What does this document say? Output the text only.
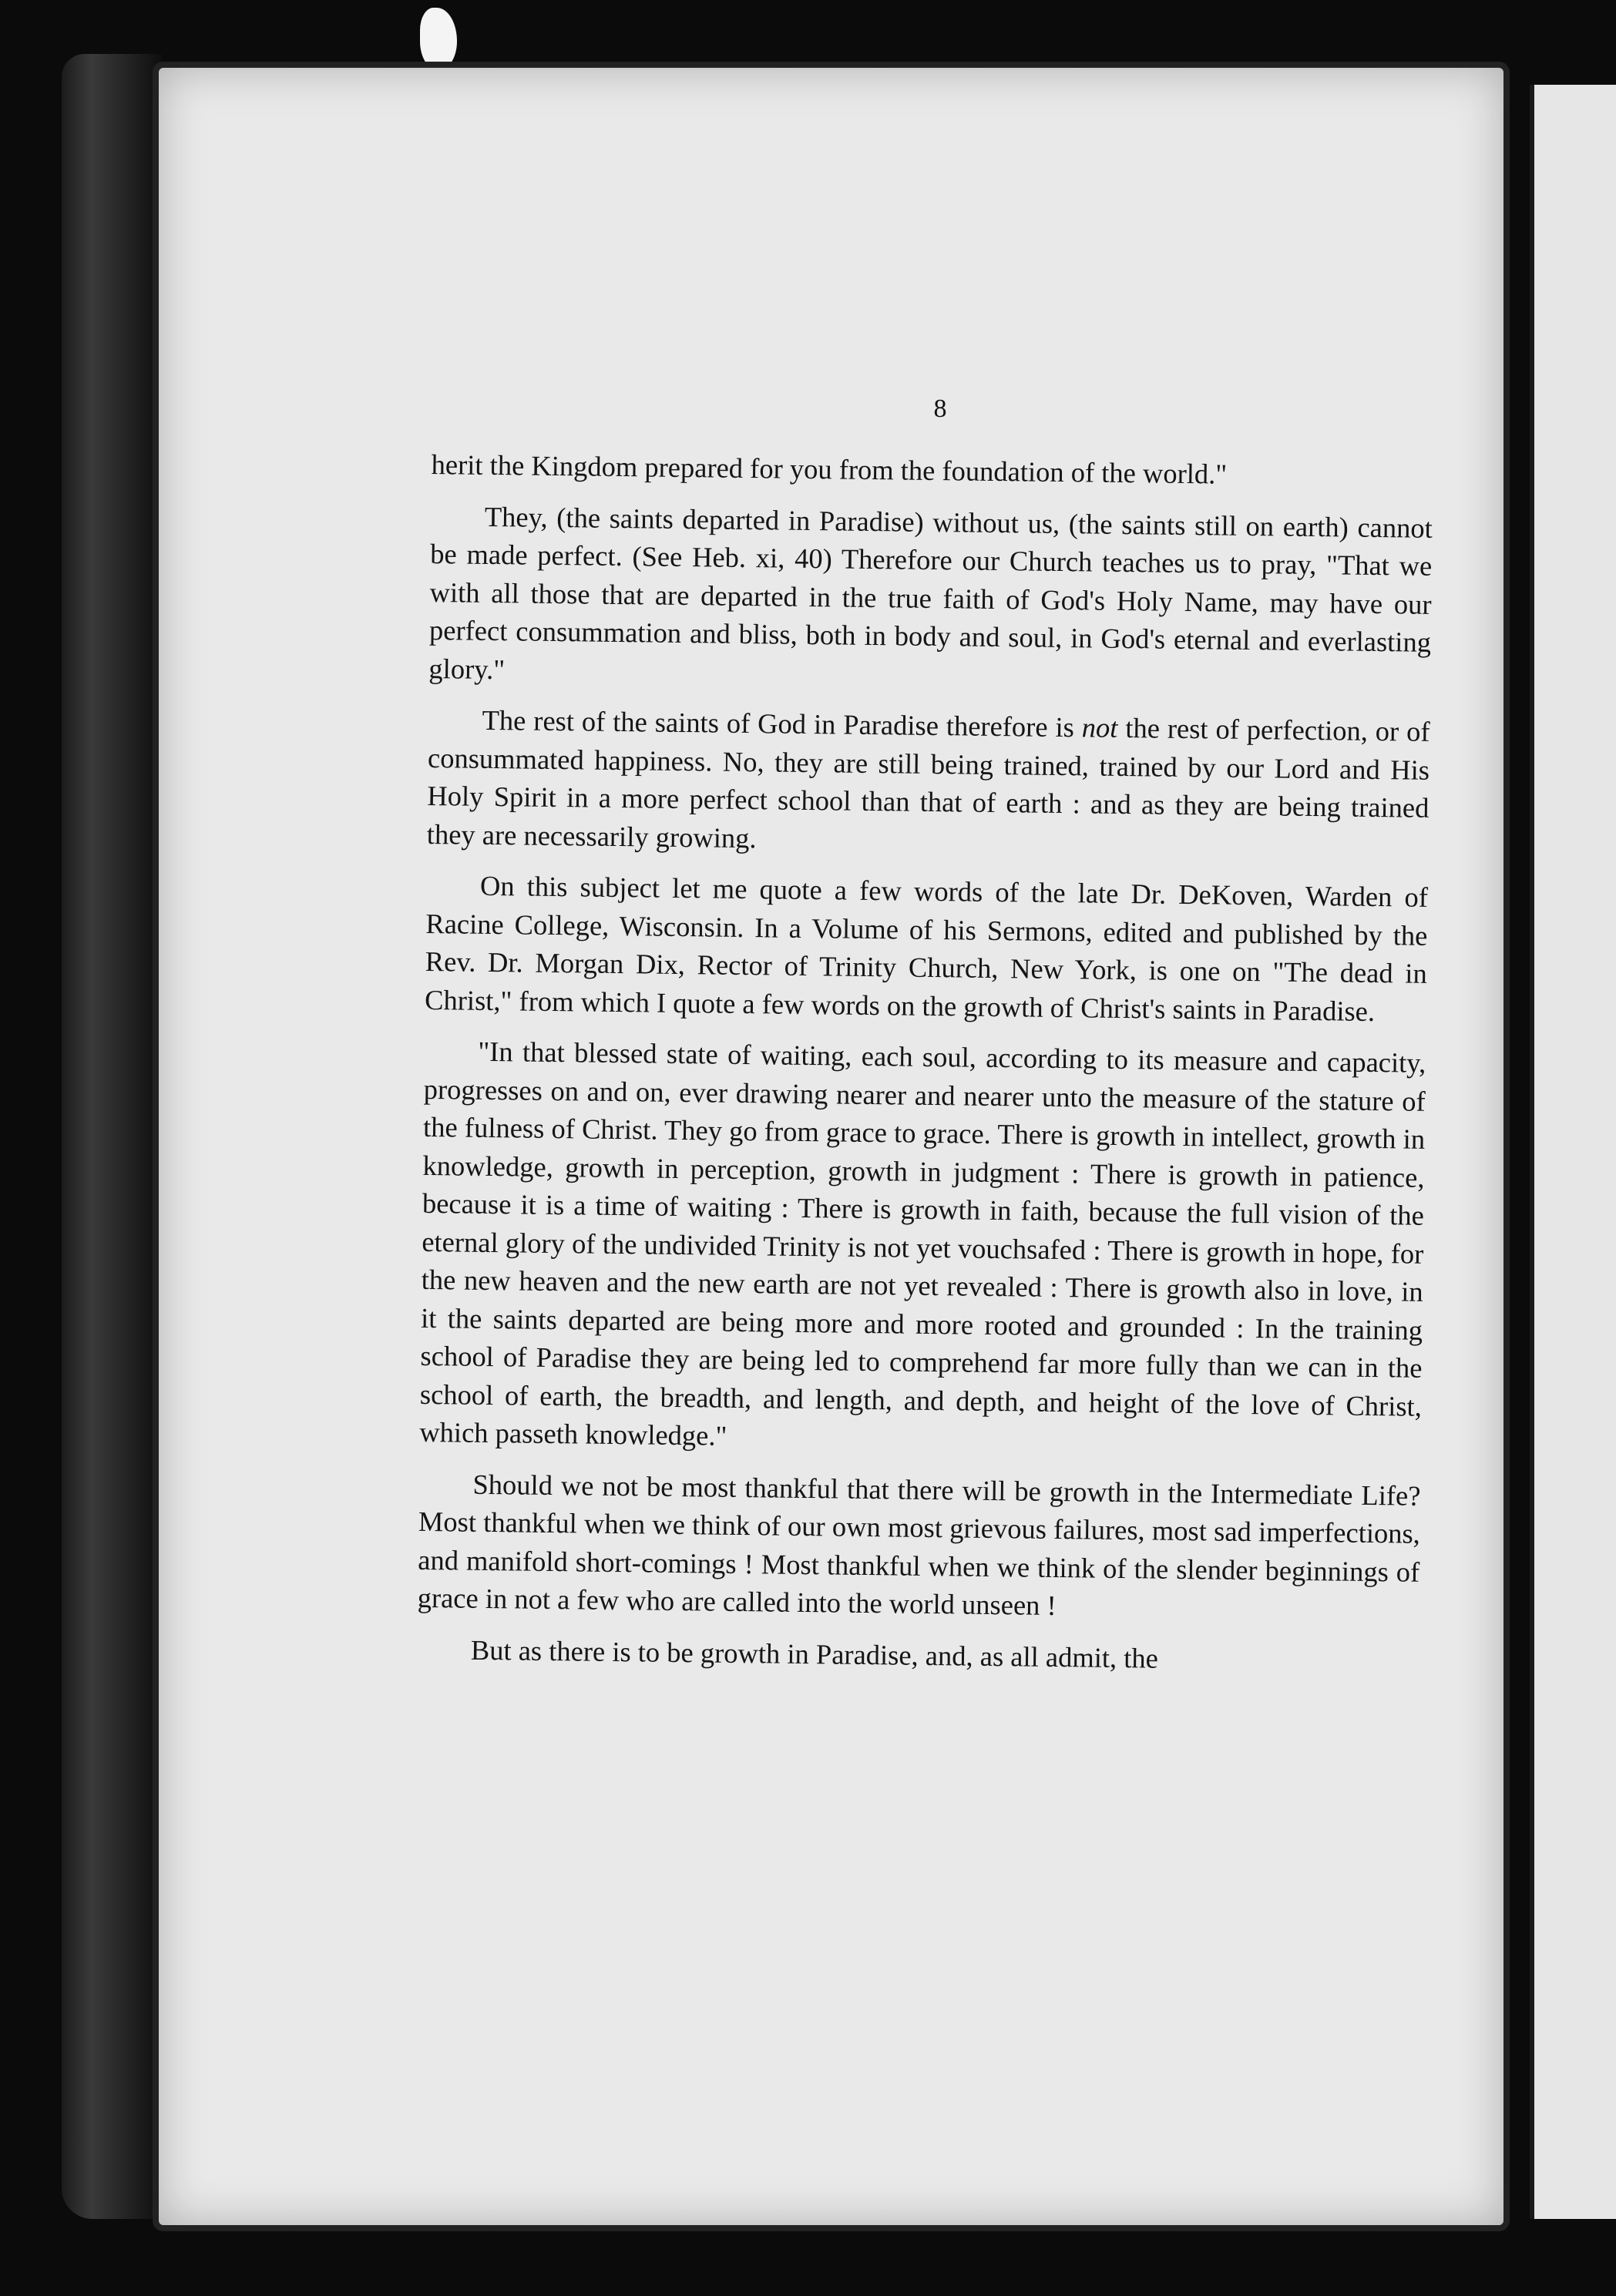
8

herit the Kingdom prepared for you from the foundation of the world."

They, (the saints departed in Paradise) without us, (the saints still on earth) cannot be made perfect. (See Heb. xi, 40) Therefore our Church teaches us to pray, "That we with all those that are departed in the true faith of God's Holy Name, may have our perfect consummation and bliss, both in body and soul, in God's eternal and everlasting glory."

The rest of the saints of God in Paradise therefore is not the rest of perfection, or of consummated happiness. No, they are still being trained, trained by our Lord and His Holy Spirit in a more perfect school than that of earth : and as they are being trained they are necessarily growing.

On this subject let me quote a few words of the late Dr. DeKoven, Warden of Racine College, Wisconsin. In a Volume of his Sermons, edited and published by the Rev. Dr. Morgan Dix, Rector of Trinity Church, New York, is one on "The dead in Christ," from which I quote a few words on the growth of Christ's saints in Paradise.

"In that blessed state of waiting, each soul, according to its measure and capacity, progresses on and on, ever drawing nearer and nearer unto the measure of the stature of the fulness of Christ. They go from grace to grace. There is growth in intellect, growth in knowledge, growth in perception, growth in judgment : There is growth in patience, because it is a time of waiting : There is growth in faith, because the full vision of the eternal glory of the undivided Trinity is not yet vouchsafed : There is growth in hope, for the new heaven and the new earth are not yet revealed : There is growth also in love, in it the saints departed are being more and more rooted and grounded : In the training school of Paradise they are being led to comprehend far more fully than we can in the school of earth, the breadth, and length, and depth, and height of the love of Christ, which passeth knowledge."

Should we not be most thankful that there will be growth in the Intermediate Life? Most thankful when we think of our own most grievous failures, most sad imperfections, and manifold short-comings ! Most thankful when we think of the slender beginnings of grace in not a few who are called into the world unseen !

But as there is to be growth in Paradise, and, as all admit, the
